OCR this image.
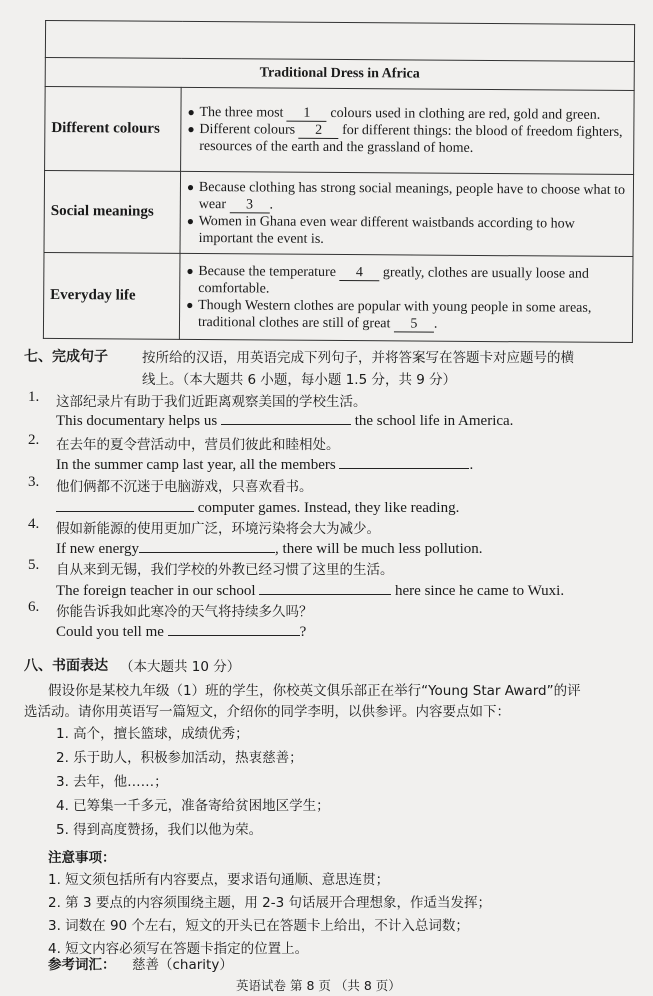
Traditional Dress in Africa	
Different colours	● The three most 1 colours used in clothing are red, gold and green.
● Different colours 2 for different things: the blood of freedom fighters, resources of the earth and the grassland of home.

Social meanings	● Because clothing has strong social meanings, people have to choose what to wear 3 .
● Women in Ghana even wear different waistbands according to how important the event is.

Everyday life	● Because the temperature 4 greatly, clothes are usually loose and comfortable.
● Though Western clothes are popular with young people in some areas, traditional clothes are still of great 5 .
七、完成句子	按所给的汉语，用英语完成下列句子，并将答案写在答题卡对应题号的横
线上。（本大题共 6 小题，每小题 1.5 分，共 9 分）
1. 这部纪录片有助于我们近距离观察美国的学校生活。
This documentary helps us	the school life in America.
2. 在去年的夏令营活动中，营员们彼此和睦相处。
In the summer camp last year, all the members	.
3. 他们俩都不沉迷于电脑游戏，只喜欢看书。
computer games. Instead, they like reading.
4. 假如新能源的使用更加广泛，环境污染将会大为减少。
If new energy	, there will be much less pollution.
5. 自从来到无锡，我们学校的外教已经习惯了这里的生活。
The foreign teacher in our school	here since he came to Wuxi.
6. 你能告诉我如此寒冷的天气将持续多久吗？
Could you tell me	?
八、书面表达 （本大题共 10 分）
假设你是某校九年级（1）班的学生，你校英文俱乐部正在举行“Young Star Award”的评
选活动。请你用英语写一篇短文，介绍你的同学李明，以供参评。内容要点如下：
1. 高个，擅长篮球，成绩优秀；
2. 乐于助人，积极参加活动，热衷慈善；
3. 去年，他……；
4. 已筹集一千多元，准备寄给贫困地区学生；
5. 得到高度赞扬，我们以他为荣。
注意事项：
1. 短文须包括所有内容要点，要求语句通顺、意思连贯；
2. 第 3 要点的内容须围绕主题，用 2-3 句话展开合理想象，作适当发挥；
3. 词数在 90 个左右，短文的开头已在答题卡上给出，不计入总词数；
4. 短文内容必须写在答题卡指定的位置上。
参考词汇： 慈善（charity）
英语试卷 第 8 页 （共 8 页）
